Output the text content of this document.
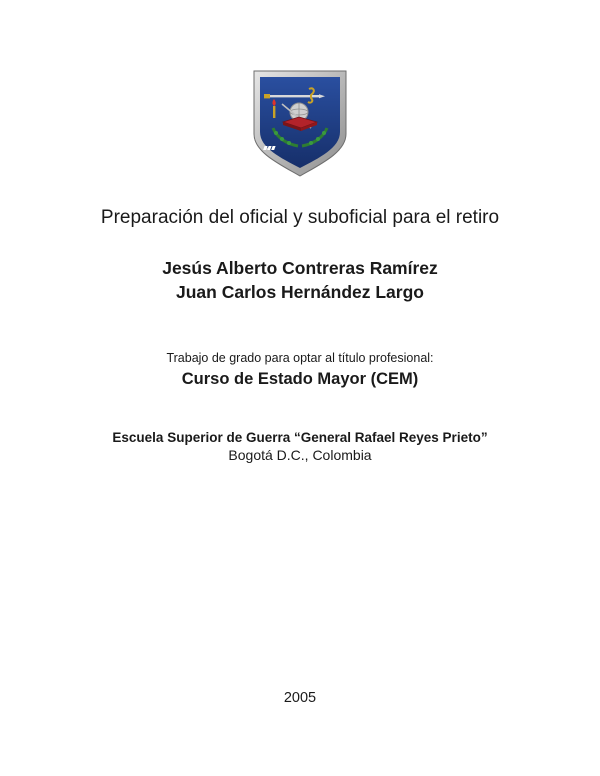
Preparación del oficial y suboficial para el retiro
Jesús Alberto Contreras Ramírez
Juan Carlos Hernández Largo
Trabajo de grado para optar al título profesional:
Curso de Estado Mayor (CEM)
Escuela Superior de Guerra “General Rafael Reyes Prieto”
Bogotá D.C., Colombia
2005
